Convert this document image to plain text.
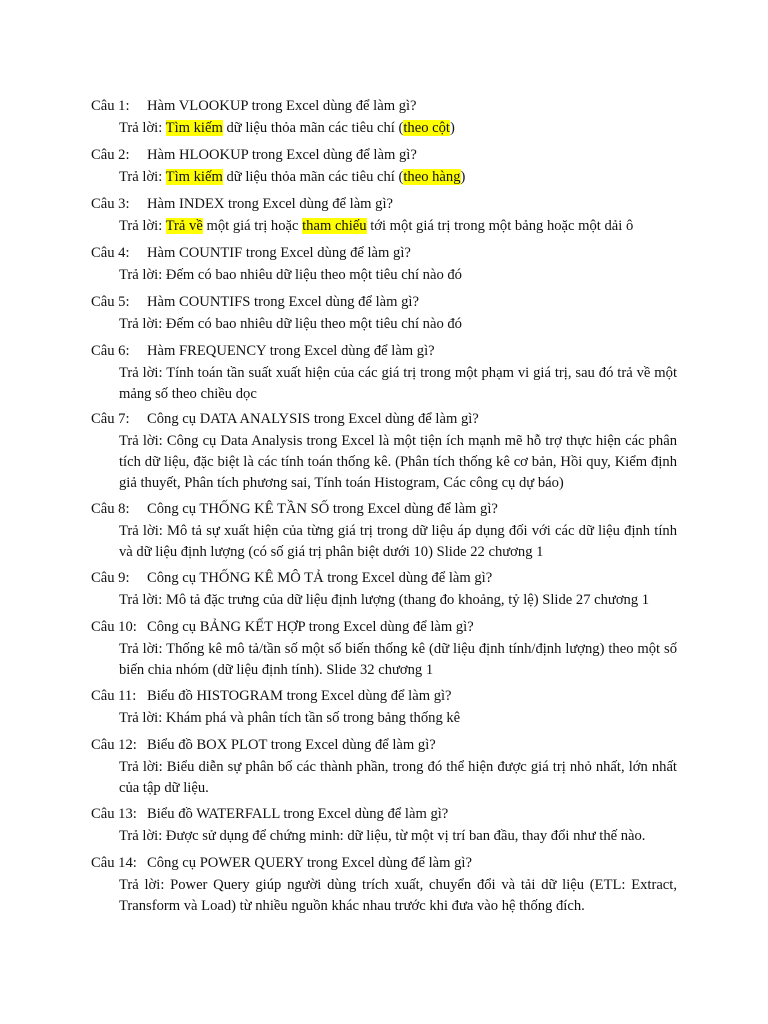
Câu 1: Hàm VLOOKUP trong Excel dùng để làm gì?
Trả lời: Tìm kiếm dữ liệu thỏa mãn các tiêu chí (theo cột)
Câu 2: Hàm HLOOKUP trong Excel dùng để làm gì?
Trả lời: Tìm kiếm dữ liệu thỏa mãn các tiêu chí (theo hàng)
Câu 3: Hàm INDEX trong Excel dùng để làm gì?
Trả lời: Trả về một giá trị hoặc tham chiếu tới một giá trị trong một bảng hoặc một dải ô
Câu 4: Hàm COUNTIF trong Excel dùng để làm gì?
Trả lời: Đếm có bao nhiêu dữ liệu theo một tiêu chí nào đó
Câu 5: Hàm COUNTIFS trong Excel dùng để làm gì?
Trả lời: Đếm có bao nhiêu dữ liệu theo một tiêu chí nào đó
Câu 6: Hàm FREQUENCY trong Excel dùng để làm gì?
Trả lời: Tính toán tần suất xuất hiện của các giá trị trong một phạm vi giá trị, sau đó trả về một mảng số theo chiều dọc
Câu 7: Công cụ DATA ANALYSIS trong Excel dùng để làm gì?
Trả lời: Công cụ Data Analysis trong Excel là một tiện ích mạnh mẽ hỗ trợ thực hiện các phân tích dữ liệu, đặc biệt là các tính toán thống kê. (Phân tích thống kê cơ bản, Hồi quy, Kiểm định giả thuyết, Phân tích phương sai, Tính toán Histogram, Các công cụ dự báo)
Câu 8: Công cụ THỐNG KÊ TẦN SỐ trong Excel dùng để làm gì?
Trả lời: Mô tả sự xuất hiện của từng giá trị trong dữ liệu áp dụng đối với các dữ liệu định tính và dữ liệu định lượng (có số giá trị phân biệt dưới 10) Slide 22 chương 1
Câu 9: Công cụ THỐNG KÊ MÔ TẢ trong Excel dùng để làm gì?
Trả lời: Mô tả đặc trưng của dữ liệu định lượng (thang đo khoảng, tỷ lệ) Slide 27 chương 1
Câu 10: Công cụ BẢNG KẾT HỢP trong Excel dùng để làm gì?
Trả lời: Thống kê mô tả/tần số một số biến thống kê (dữ liệu định tính/định lượng) theo một số biến chia nhóm (dữ liệu định tính). Slide 32 chương 1
Câu 11: Biểu đồ HISTOGRAM trong Excel dùng để làm gì?
Trả lời: Khám phá và phân tích tần số trong bảng thống kê
Câu 12: Biểu đồ BOX PLOT trong Excel dùng để làm gì?
Trả lời: Biểu diễn sự phân bố các thành phần, trong đó thể hiện được giá trị nhỏ nhất, lớn nhất của tập dữ liệu.
Câu 13: Biểu đồ WATERFALL trong Excel dùng để làm gì?
Trả lời: Được sử dụng để chứng minh: dữ liệu, từ một vị trí ban đầu, thay đổi như thế nào.
Câu 14: Công cụ POWER QUERY trong Excel dùng để làm gì?
Trả lời: Power Query giúp người dùng trích xuất, chuyển đổi và tải dữ liệu (ETL: Extract, Transform và Load) từ nhiều nguồn khác nhau trước khi đưa vào hệ thống đích.
